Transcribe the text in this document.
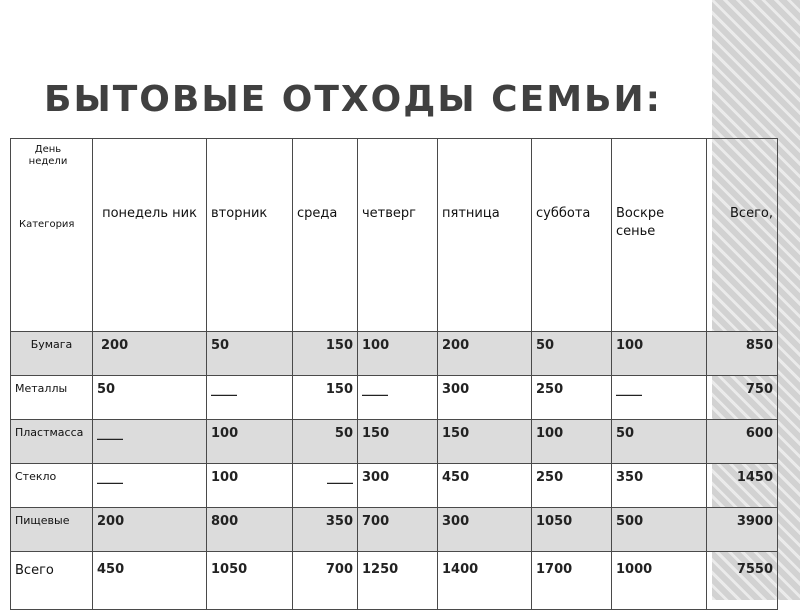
БЫТОВЫЕ ОТХОДЫ СЕМЬИ:
День недели
Категория	понедель ник	вторник	среда	четверг	пятница	суббота	Воскре сенье	Всего,
Бумага	200	50	150	100	200	50	100	850
Металлы	50	____	150	____	300	250	____	750
Пластмасса	____	100	50	150	150	100	50	600
Стекло	____	100	____	300	450	250	350	1450
Пищевые	200	800	350	700	300	1050	500	3900
Всего	450	1050	700	1250	1400	1700	1000	7550
